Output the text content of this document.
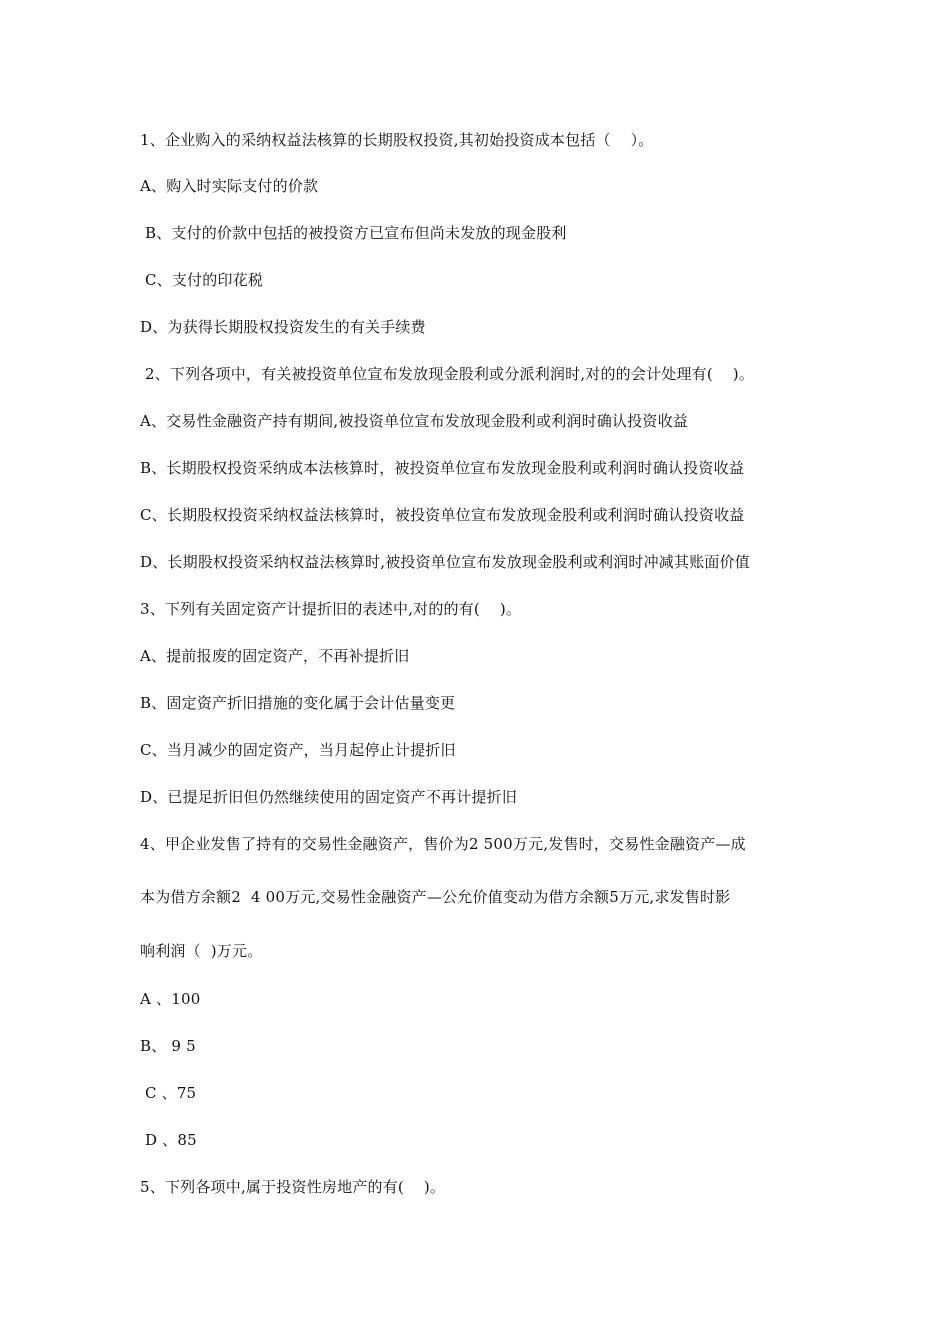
1、企业购入的采纳权益法核算的长期股权投资,其初始投资成本包括（    ）。
A、购入时实际支付的价款
B、支付的价款中包括的被投资方已宣布但尚未发放的现金股利
C、支付的印花税
D、为获得长期股权投资发生的有关手续费
2、下列各项中，有关被投资单位宣布发放现金股利或分派利润时,对的的会计处理有(    )。
A、交易性金融资产持有期间,被投资单位宣布发放现金股利或利润时确认投资收益
B、长期股权投资采纳成本法核算时，被投资单位宣布发放现金股利或利润时确认投资收益
C、长期股权投资采纳权益法核算时，被投资单位宣布发放现金股利或利润时确认投资收益
D、长期股权投资采纳权益法核算时,被投资单位宣布发放现金股利或利润时冲减其账面价值
3、下列有关固定资产计提折旧的表述中,对的的有(    )。
A、提前报废的固定资产，不再补提折旧
B、固定资产折旧措施的变化属于会计估量变更
C、当月减少的固定资产，当月起停止计提折旧
D、已提足折旧但仍然继续使用的固定资产不再计提折旧
4、甲企业发售了持有的交易性金融资产，售价为2 500万元,发售时，交易性金融资产—成
本为借方余额2  4 00万元,交易性金融资产—公允价值变动为借方余额5万元,求发售时影
响利润（  )万元。
A 、100
B、 9 5
C 、75
D 、85
5、下列各项中,属于投资性房地产的有(    )。
